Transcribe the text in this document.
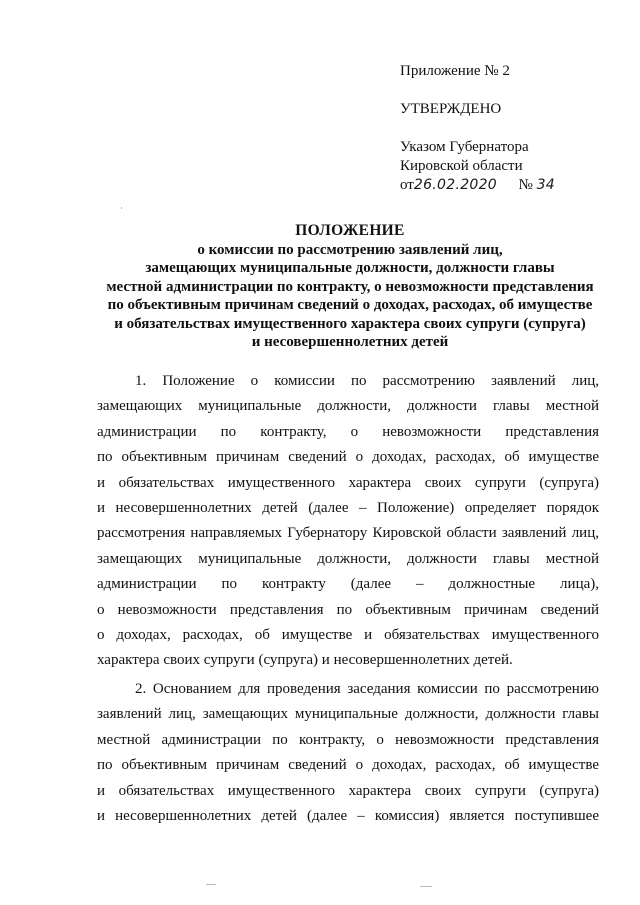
Приложение № 2
УТВЕРЖДЕНО
Указом Губернатора
Кировской области
от26.02.2020 № 34
ПОЛОЖЕНИЕ
о комиссии по рассмотрению заявлений лиц,
замещающих муниципальные должности, должности главы
местной администрации по контракту, о невозможности представления
по объективным причинам сведений о доходах, расходах, об имуществе
и обязательствах имущественного характера своих супруги (супруга)
и несовершеннолетних детей
1. Положение о комиссии по рассмотрению заявлений лиц,
замещающих муниципальные должности, должности главы местной
администрации по контракту, о невозможности представления
по объективным причинам сведений о доходах, расходах, об имуществе
и обязательствах имущественного характера своих супруги (супруга)
и несовершеннолетних детей (далее – Положение) определяет порядок
рассмотрения направляемых Губернатору Кировской области заявлений лиц,
замещающих муниципальные должности, должности главы местной
администрации по контракту (далее – должностные лица),
о невозможности представления по объективным причинам сведений
о доходах, расходах, об имуществе и обязательствах имущественного
характера своих супруги (супруга) и несовершеннолетних детей.
2. Основанием для проведения заседания комиссии по рассмотрению
заявлений лиц, замещающих муниципальные должности, должности главы
местной администрации по контракту, о невозможности представления
по объективным причинам сведений о доходах, расходах, об имуществе
и обязательствах имущественного характера своих супруги (супруга)
и несовершеннолетних детей (далее – комиссия) является поступившее
